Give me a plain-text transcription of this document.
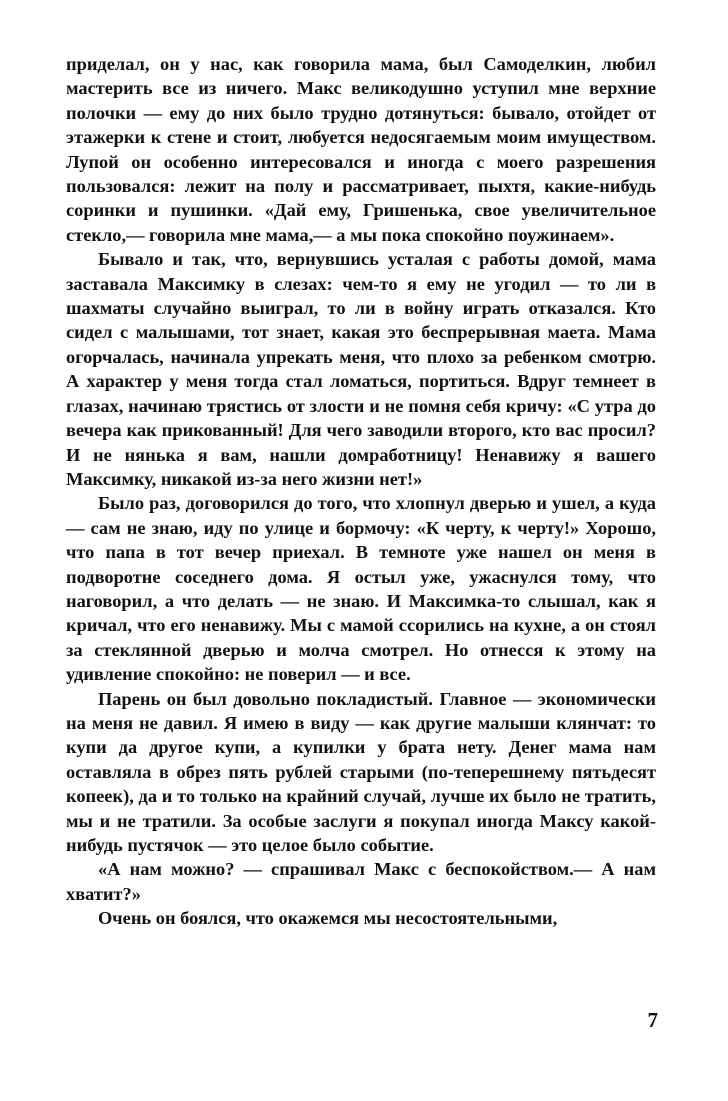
приделал, он у нас, как говорила мама, был Самоделкин, любил мастерить все из ничего. Макс великодушно уступил мне верхние полочки — ему до них было трудно дотянуться: бывало, отойдет от этажерки к стене и стоит, любуется недосягаемым моим имуществом. Лупой он особенно интересовался и иногда с моего разрешения пользовался: лежит на полу и рассматривает, пыхтя, какие-нибудь соринки и пушинки. «Дай ему, Гришенька, свое увеличительное стекло,— говорила мне мама,— а мы пока спокойно поужинаем».

Бывало и так, что, вернувшись усталая с работы домой, мама заставала Максимку в слезах: чем-то я ему не угодил — то ли в шахматы случайно выиграл, то ли в войну играть отказался. Кто сидел с малышами, тот знает, какая это беспрерывная маета. Мама огорчалась, начинала упрекать меня, что плохо за ребенком смотрю. А характер у меня тогда стал ломаться, портиться. Вдруг темнеет в глазах, начинаю трястись от злости и не помня себя кричу: «С утра до вечера как прикованный! Для чего заводили второго, кто вас просил? И не нянька я вам, нашли домработницу! Ненавижу я вашего Максимку, никакой из-за него жизни нет!»

Было раз, договорился до того, что хлопнул дверью и ушел, а куда — сам не знаю, иду по улице и бормочу: «К черту, к черту!» Хорошо, что папа в тот вечер приехал. В темноте уже нашел он меня в подворотне соседнего дома. Я остыл уже, ужаснулся тому, что наговорил, а что делать — не знаю. И Максимка-то слышал, как я кричал, что его ненавижу. Мы с мамой ссорились на кухне, а он стоял за стеклянной дверью и молча смотрел. Но отнесся к этому на удивление спокойно: не поверил — и все.

Парень он был довольно покладистый. Главное — экономически на меня не давил. Я имею в виду — как другие малыши клянчат: то купи да другое купи, а купилки у брата нету. Денег мама нам оставляла в обрез пять рублей старыми (по-теперешнему пятьдесят копеек), да и то только на крайний случай, лучше их было не тратить, мы и не тратили. За особые заслуги я покупал иногда Максу какой-нибудь пустячок — это целое было событие.

«А нам можно? — спрашивал Макс с беспокойством.— А нам хватит?»

Очень он боялся, что окажемся мы несостоятельными,

7
